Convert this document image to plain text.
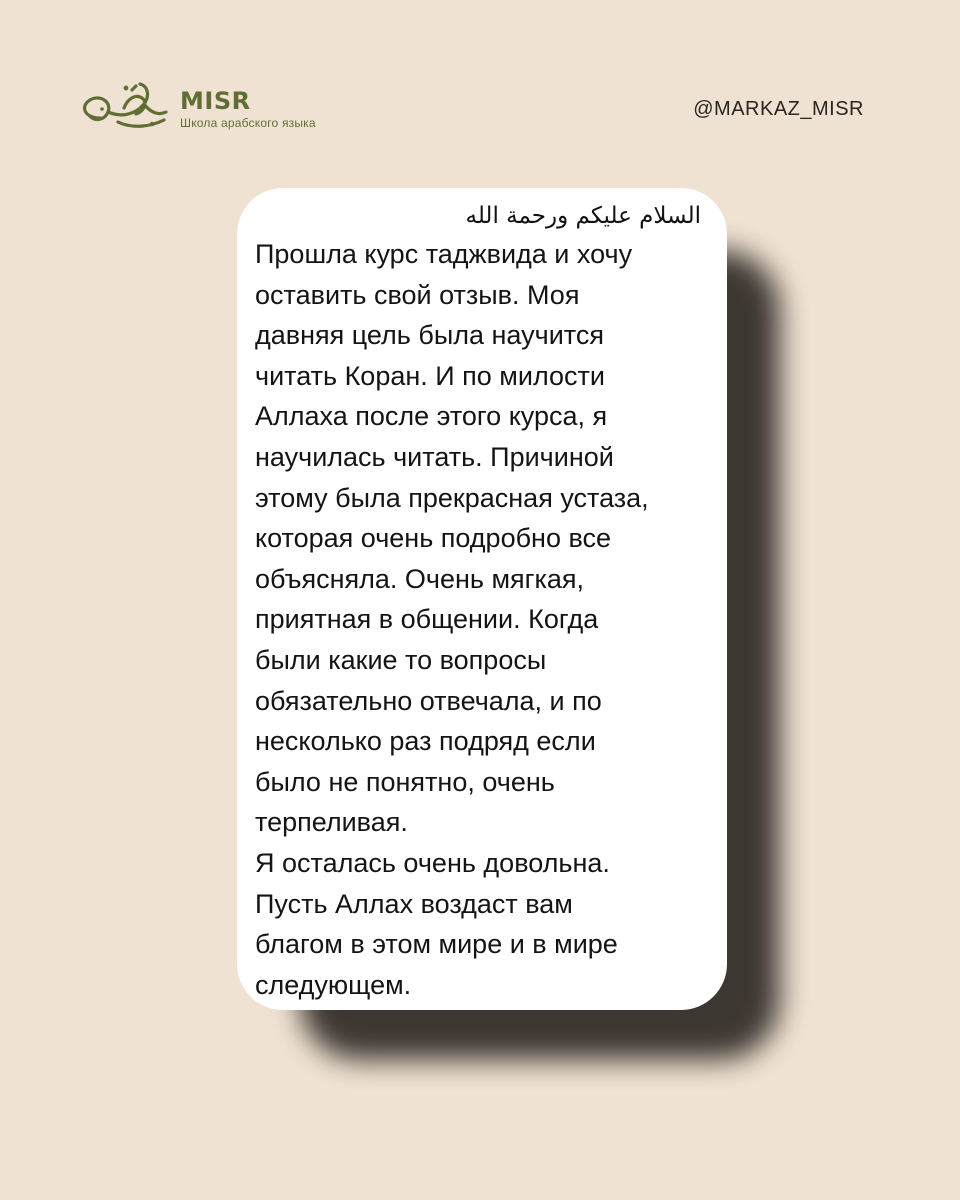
MISR
Школа арабского языка
@MARKAZ_MISR
السلام عليكم ورحمة الله
Прошла курс таджвида и хочу
оставить свой отзыв. Моя
давняя цель была научится
читать Коран. И по милости
Аллаха после этого курса, я
научилась читать. Причиной
этому была прекрасная устаза,
которая очень подробно все
объясняла. Очень мягкая,
приятная в общении. Когда
были какие то вопросы
обязательно отвечала, и по
несколько раз подряд если
было не понятно, очень
терпеливая.
Я осталась очень довольна.
Пусть Аллах воздаст вам
благом в этом мире и в мире
следующем.
